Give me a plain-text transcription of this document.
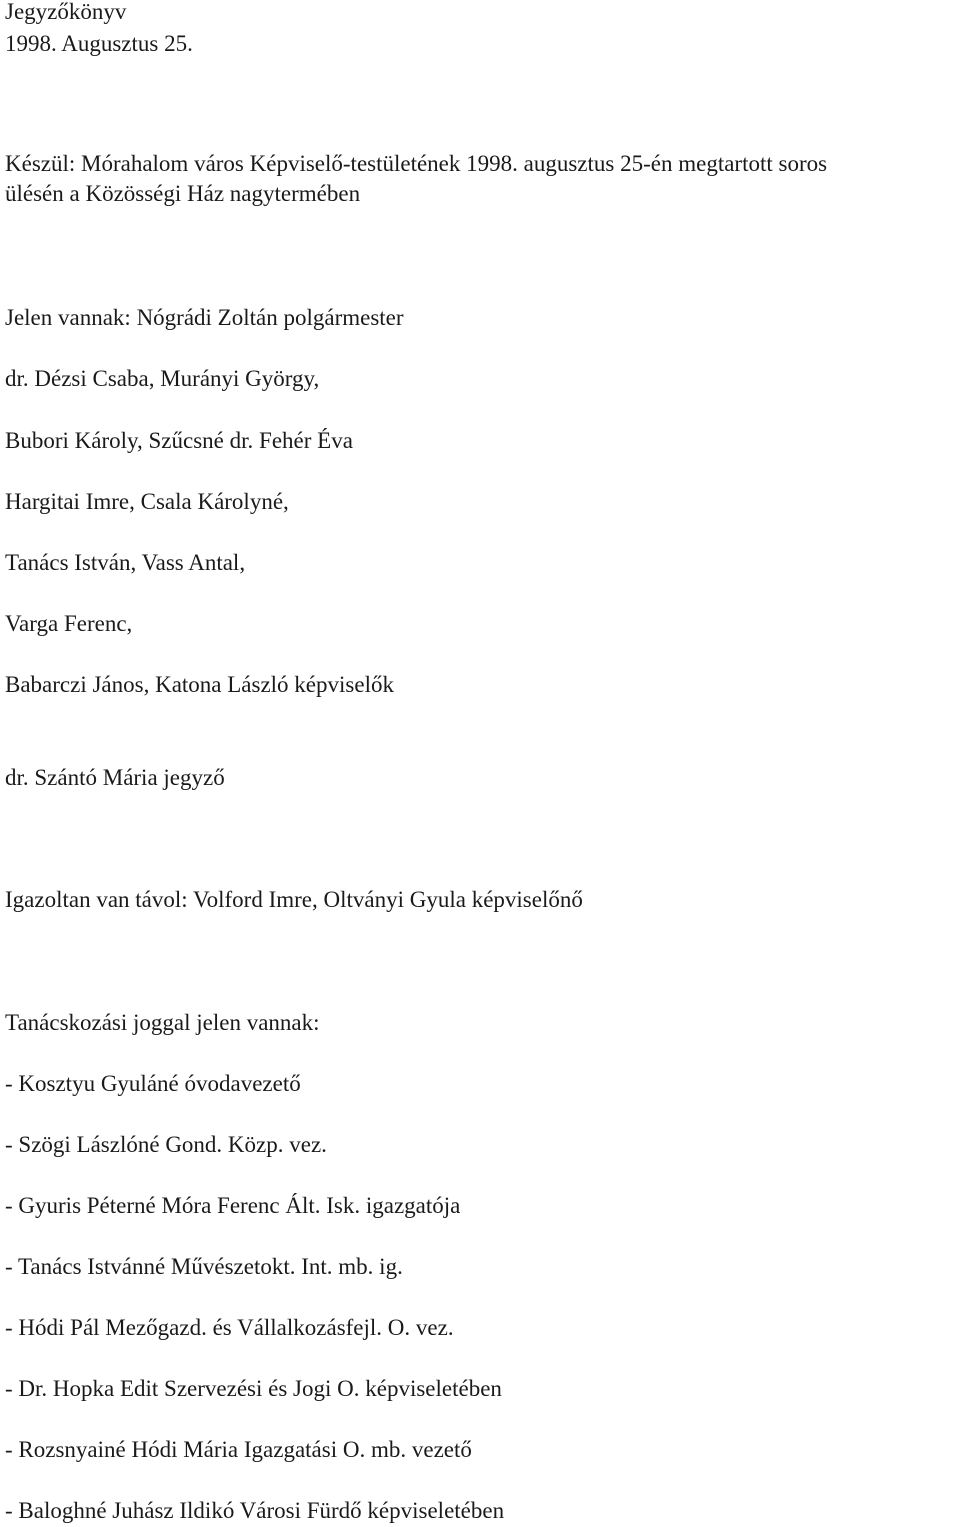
Jegyzőkönyv

1998. Augusztus 25.

Készül: Mórahalom város Képviselő-testületének 1998. augusztus 25-én megtartott soros

ülésén a Közösségi Ház nagytermében

Jelen vannak: Nógrádi Zoltán polgármester

dr. Dézsi Csaba, Murányi György,

Bubori Károly, Szűcsné dr. Fehér Éva

Hargitai Imre, Csala Károlyné,

Tanács István, Vass Antal,

Varga Ferenc,

Babarczi János, Katona László képviselők

dr. Szántó Mária jegyző

Igazoltan van távol: Volford Imre, Oltványi Gyula képviselőnő

Tanácskozási joggal jelen vannak:

- Kosztyu Gyuláné óvodavezető

- Szögi Lászlóné Gond. Közp. vez.

- Gyuris Péterné Móra Ferenc Ált. Isk. igazgatója

- Tanács Istvánné Művészetokt. Int. mb. ig.

- Hódi Pál Mezőgazd. és Vállalkozásfejl. O. vez.

- Dr. Hopka Edit Szervezési és Jogi O. képviseletében

- Rozsnyainé Hódi Mária Igazgatási O. mb. vezető

- Baloghné Juhász Ildikó Városi Fürdő képviseletében
